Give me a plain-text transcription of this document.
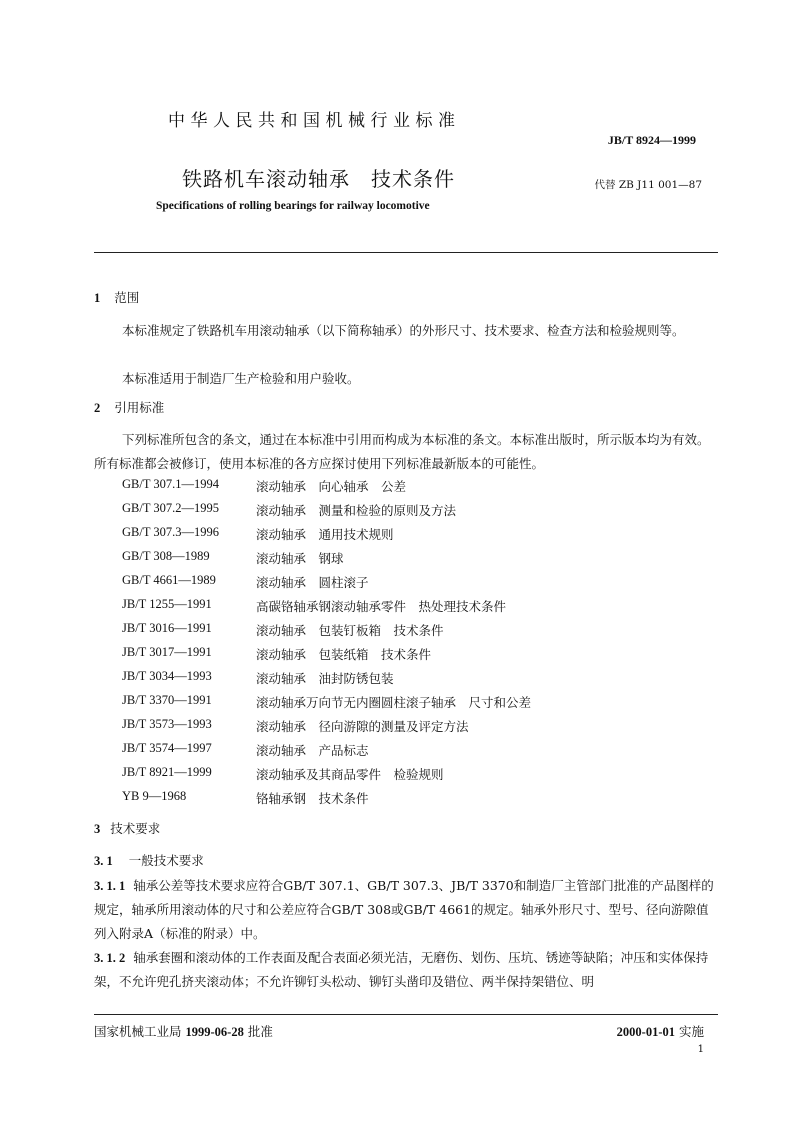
中华人民共和国机械行业标准
JB/T 8924—1999
铁路机车滚动轴承　技术条件	代替 ZB J11 001—87
Specifications of rolling bearings for railway locomotive
1 范围
本标准规定了铁路机车用滚动轴承（以下简称轴承）的外形尺寸、技术要求、检查方法和检验规则等。
本标准适用于制造厂生产检验和用户验收。
2 引用标准
下列标准所包含的条文，通过在本标准中引用而构成为本标准的条文。本标准出版时，所示版本均为有效。所有标准都会被修订，使用本标准的各方应探讨使用下列标准最新版本的可能性。
GB/T 307.1—1994	滚动轴承　向心轴承　公差
GB/T 307.2—1995	滚动轴承　测量和检验的原则及方法
GB/T 307.3—1996	滚动轴承　通用技术规则
GB/T 308—1989	滚动轴承　钢球
GB/T 4661—1989	滚动轴承　圆柱滚子
JB/T 1255—1991	高碳铬轴承钢滚动轴承零件　热处理技术条件
JB/T 3016—1991	滚动轴承　包装钉板箱　技术条件
JB/T 3017—1991	滚动轴承　包装纸箱　技术条件
JB/T 3034—1993	滚动轴承　油封防锈包装
JB/T 3370—1991	滚动轴承万向节无内圈圆柱滚子轴承　尺寸和公差
JB/T 3573—1993	滚动轴承　径向游隙的测量及评定方法
JB/T 3574—1997	滚动轴承　产品标志
JB/T 8921—1999	滚动轴承及其商品零件　检验规则
YB 9—1968	铬轴承钢　技术条件
3 技术要求
3. 1 一般技术要求
3. 1. 1 轴承公差等技术要求应符合GB/T 307.1、GB/T 307.3、JB/T 3370和制造厂主管部门批准的产品图样的规定，轴承所用滚动体的尺寸和公差应符合GB/T 308或GB/T 4661的规定。轴承外形尺寸、型号、径向游隙值列入附录A（标准的附录）中。
3. 1. 2 轴承套圈和滚动体的工作表面及配合表面必须光洁，无磨伤、划伤、压坑、锈迹等缺陷；冲压和实体保持架，不允许兜孔挤夹滚动体；不允许铆钉头松动、铆钉头凿印及错位、两半保持架错位、明
国家机械工业局 1999-06-28 批准	2000-01-01 实施
1
